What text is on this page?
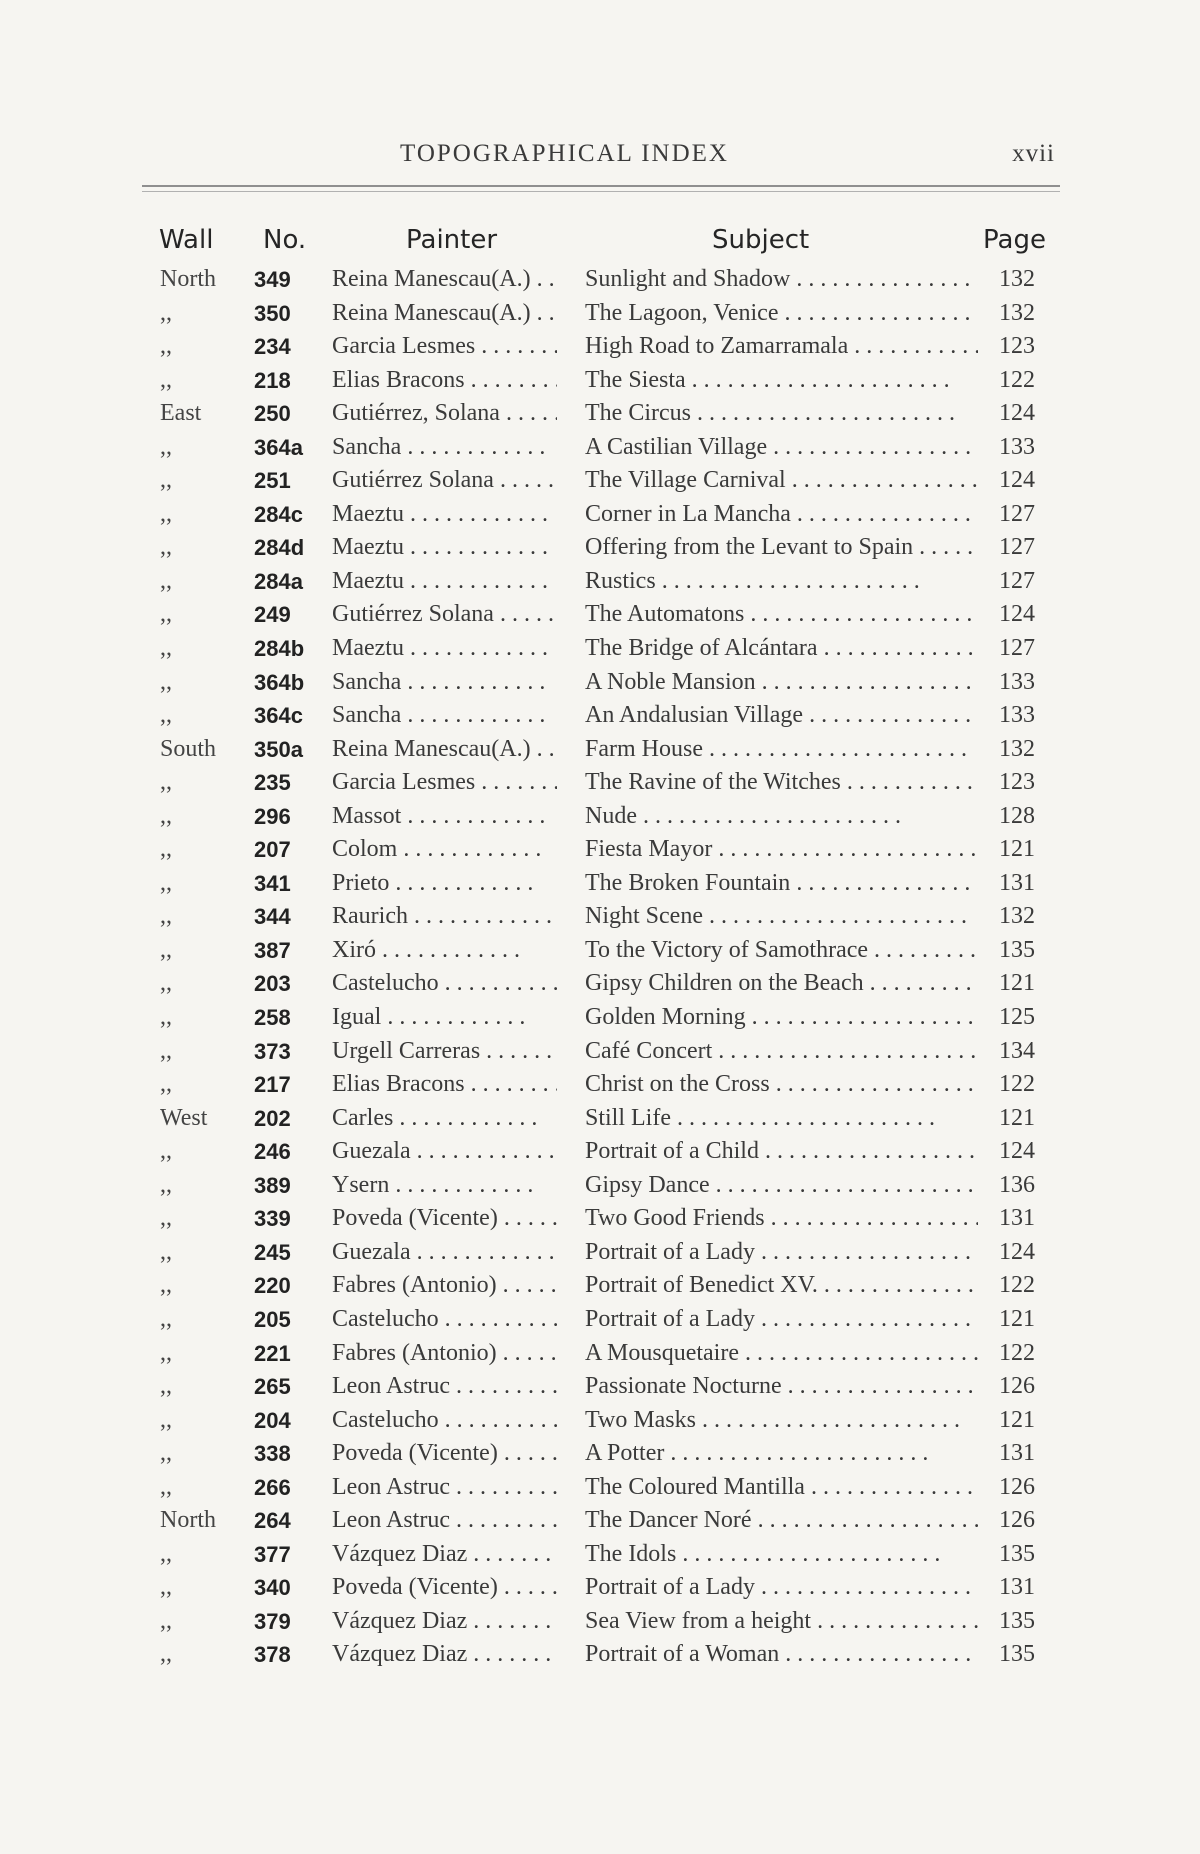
TOPOGRAPHICAL INDEX	xvii
Wall No.	Painter	Subject	Page
North 349 Reina Manescau(A.) . .	Sunlight and Shadow . .	132
,,	350 Reina Manescau(A.) . .	The Lagoon, Venice . .	132
,,	234 Garcia Lesmes . .	High Road to Zamarramala . .	123
,,	218 Elias Bracons . .	The Siesta . .	122
East 250 Gutiérrez, Solana . .	The Circus . .	124
,,	364a Sancha . .	A Castilian Village . .	133
,,	251 Gutiérrez Solana . .	The Village Carnival . .	124
,,	284c Maeztu . .	Corner in La Mancha . .	127
,,	284d Maeztu . .	Offering from the Levant to Spain . .	127
,,	284a Maeztu . .	Rustics . .	127
,,	249 Gutiérrez Solana . .	The Automatons . .	124
,,	284b Maeztu . .	The Bridge of Alcántara . .	127
,,	364b Sancha . .	A Noble Mansion . .	133
,,	364c Sancha . .	An Andalusian Village . .	133
South 350a Reina Manescau(A.) . .	Farm House . .	132
,,	235 Garcia Lesmes . .	The Ravine of the Witches . .	123
,,	296 Massot . .	Nude . .	128
,,	207 Colom . .	Fiesta Mayor . .	121
,,	341 Prieto . .	The Broken Fountain . .	131
,,	344 Raurich . .	Night Scene . .	132
,,	387 Xiró . .	To the Victory of Samothrace . .	135
,,	203 Castelucho . .	Gipsy Children on the Beach . .	121
,,	258 Igual . .	Golden Morning . .	125
,,	373 Urgell Carreras . .	Café Concert . .	134
,,	217 Elias Bracons . .	Christ on the Cross . .	122
West 202 Carles . .	Still Life . .	121
,,	246 Guezala . .	Portrait of a Child . .	124
,,	389 Ysern . .	Gipsy Dance . .	136
,,	339 Poveda (Vicente) . .	Two Good Friends . .	131
,,	245 Guezala . .	Portrait of a Lady . .	124
,,	220 Fabres (Antonio) . .	Portrait of Benedict XV. . .	122
,,	205 Castelucho . .	Portrait of a Lady . .	121
,,	221 Fabres (Antonio) . .	A Mousquetaire . .	122
,,	265 Leon Astruc . .	Passionate Nocturne . .	126
,,	204 Castelucho . .	Two Masks . .	121
,,	338 Poveda (Vicente) . .	A Potter . .	131
,,	266 Leon Astruc . .	The Coloured Mantilla . .	126
North 264 Leon Astruc . .	The Dancer Noré . .	126
,,	377 Vázquez Diaz . .	The Idols . .	135
,,	340 Poveda (Vicente) . .	Portrait of a Lady . .	131
,,	379 Vázquez Diaz . .	Sea View from a height . .	135
,,	378 Vázquez Diaz . .	Portrait of a Woman . .	135
